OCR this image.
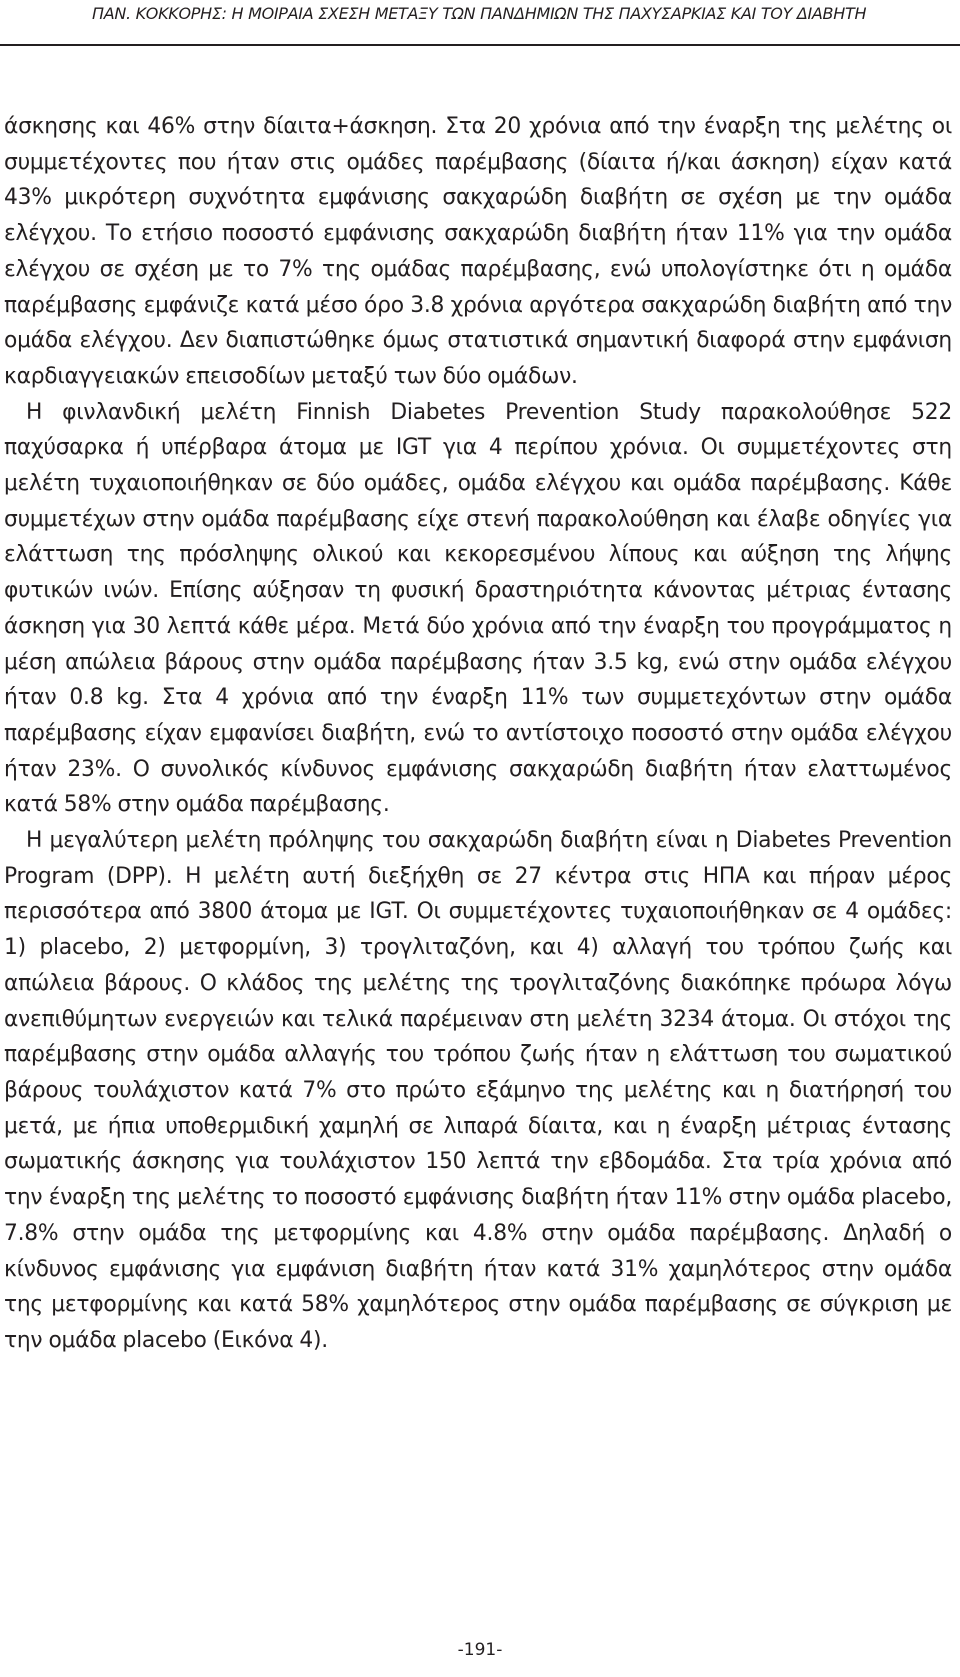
ΠΑΝ. ΚΟΚΚΟΡΗΣ: Η ΜΟΙΡΑΙΑ ΣΧΕΣΗ ΜΕΤΑΞΥ ΤΩΝ ΠΑΝΔΗΜΙΩΝ ΤΗΣ ΠΑΧΥΣΑΡΚΙΑΣ ΚΑΙ ΤΟΥ ΔΙΑΒΗΤΗ

άσκησης και 46% στην δίαιτα+άσκηση. Στα 20 χρόνια από την έναρξη της μελέτης οι συμμετέχοντες που ήταν στις ομάδες παρέμβασης (δίαιτα ή/και άσκηση) είχαν κατά 43% μικρότερη συχνότητα εμφάνισης σακχαρώδη διαβήτη σε σχέση με την ομάδα ελέγχου. Το ετήσιο ποσοστό εμφάνισης σακχαρώδη διαβήτη ήταν 11% για την ομάδα ελέγχου σε σχέση με το 7% της ομάδας παρέμβασης, ενώ υπολογίστηκε ότι η ομάδα παρέμβασης εμφάνιζε κατά μέσο όρο 3.8 χρόνια αργότερα σακχαρώδη διαβήτη από την ομάδα ελέγχου. Δεν διαπιστώθηκε όμως στατιστικά σημαντική διαφορά στην εμφάνιση καρδιαγγειακών επεισοδίων μεταξύ των δύο ομάδων.

Η φινλανδική μελέτη Finnish Diabetes Prevention Study παρακολούθησε 522 παχύσαρκα ή υπέρβαρα άτομα με IGT για 4 περίπου χρόνια. Οι συμμετέχοντες στη μελέτη τυχαιοποιήθηκαν σε δύο ομάδες, ομάδα ελέγχου και ομάδα παρέμβασης. Κάθε συμμετέχων στην ομάδα παρέμβασης είχε στενή παρακολούθηση και έλαβε οδηγίες για ελάττωση της πρόσληψης ολικού και κεκορεσμένου λίπους και αύξηση της λήψης φυτικών ινών. Επίσης αύξησαν τη φυσική δραστηριότητα κάνοντας μέτριας έντασης άσκηση για 30 λεπτά κάθε μέρα. Μετά δύο χρόνια από την έναρξη του προγράμματος η μέση απώλεια βάρους στην ομάδα παρέμβασης ήταν 3.5 kg, ενώ στην ομάδα ελέγχου ήταν 0.8 kg. Στα 4 χρόνια από την έναρξη 11% των συμμετεχόντων στην ομάδα παρέμβασης είχαν εμφανίσει διαβήτη, ενώ το αντίστοιχο ποσοστό στην ομάδα ελέγχου ήταν 23%. Ο συνολικός κίνδυνος εμφάνισης σακχαρώδη διαβήτη ήταν ελαττωμένος κατά 58% στην ομάδα παρέμβασης.

Η μεγαλύτερη μελέτη πρόληψης του σακχαρώδη διαβήτη είναι η Diabetes Prevention Program (DPP). Η μελέτη αυτή διεξήχθη σε 27 κέντρα στις ΗΠΑ και πήραν μέρος περισσότερα από 3800 άτομα με IGT. Οι συμμετέχοντες τυχαιοποιήθηκαν σε 4 ομάδες: 1) placebo, 2) μετφορμίνη, 3) τρογλιταζόνη, και 4) αλλαγή του τρόπου ζωής και απώλεια βάρους. Ο κλάδος της μελέτης της τρογλιταζόνης διακόπηκε πρόωρα λόγω ανεπιθύμητων ενεργειών και τελικά παρέμειναν στη μελέτη 3234 άτομα. Οι στόχοι της παρέμβασης στην ομάδα αλλαγής του τρόπου ζωής ήταν η ελάττωση του σωματικού βάρους τουλάχιστον κατά 7% στο πρώτο εξάμηνο της μελέτης και η διατήρησή του μετά, με ήπια υποθερμιδική χαμηλή σε λιπαρά δίαιτα, και η έναρξη μέτριας έντασης σωματικής άσκησης για τουλάχιστον 150 λεπτά την εβδομάδα. Στα τρία χρόνια από την έναρξη της μελέτης το ποσοστό εμφάνισης διαβήτη ήταν 11% στην ομάδα placebo, 7.8% στην ομάδα της μετφορμίνης και 4.8% στην ομάδα παρέμβασης. Δηλαδή ο κίνδυνος εμφάνισης για εμφάνιση διαβήτη ήταν κατά 31% χαμηλότερος στην ομάδα της μετφορμίνης και κατά 58% χαμηλότερος στην ομάδα παρέμβασης σε σύγκριση με την ομάδα placebo (Εικόνα 4).

-191-
